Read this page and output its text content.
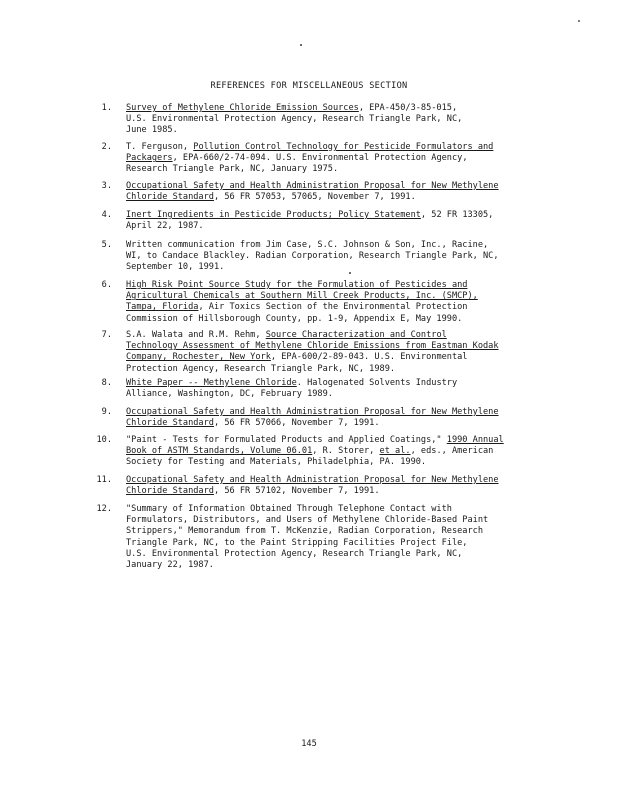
REFERENCES FOR MISCELLANEOUS SECTION
1. Survey of Methylene Chloride Emission Sources, EPA-450/3-85-015,
U.S. Environmental Protection Agency, Research Triangle Park, NC,
June 1985.
2. T. Ferguson, Pollution Control Technology for Pesticide Formulators and
Packagers, EPA-660/2-74-094. U.S. Environmental Protection Agency,
Research Triangle Park, NC, January 1975.
3. Occupational Safety and Health Administration Proposal for New Methylene
Chloride Standard, 56 FR 57053, 57065, November 7, 1991.
4. Inert Ingredients in Pesticide Products; Policy Statement, 52 FR 13305,
April 22, 1987.
5. Written communication from Jim Case, S.C. Johnson & Son, Inc., Racine,
WI, to Candace Blackley. Radian Corporation, Research Triangle Park, NC,
September 10, 1991.
6. High Risk Point Source Study for the Formulation of Pesticides and
Agricultural Chemicals at Southern Mill Creek Products, Inc. (SMCP),
Tampa, Florida, Air Toxics Section of the Environmental Protection
Commission of Hillsborough County, pp. 1-9, Appendix E, May 1990.
7. S.A. Walata and R.M. Rehm, Source Characterization and Control
Technology Assessment of Methylene Chloride Emissions from Eastman Kodak
Company, Rochester, New York, EPA-600/2-89-043. U.S. Environmental
Protection Agency, Research Triangle Park, NC, 1989.
8. White Paper -- Methylene Chloride. Halogenated Solvents Industry
Alliance, Washington, DC, February 1989.
9. Occupational Safety and Health Administration Proposal for New Methylene
Chloride Standard, 56 FR 57066, November 7, 1991.
10. "Paint - Tests for Formulated Products and Applied Coatings," 1990 Annual
Book of ASTM Standards, Volume 06.01, R. Storer, et al., eds., American
Society for Testing and Materials, Philadelphia, PA. 1990.
11. Occupational Safety and Health Administration Proposal for New Methylene
Chloride Standard, 56 FR 57102, November 7, 1991.
12. "Summary of Information Obtained Through Telephone Contact with
Formulators, Distributors, and Users of Methylene Chloride-Based Paint
Strippers," Memorandum from T. McKenzie, Radian Corporation, Research
Triangle Park, NC, to the Paint Stripping Facilities Project File,
U.S. Environmental Protection Agency, Research Triangle Park, NC,
January 22, 1987.
145
